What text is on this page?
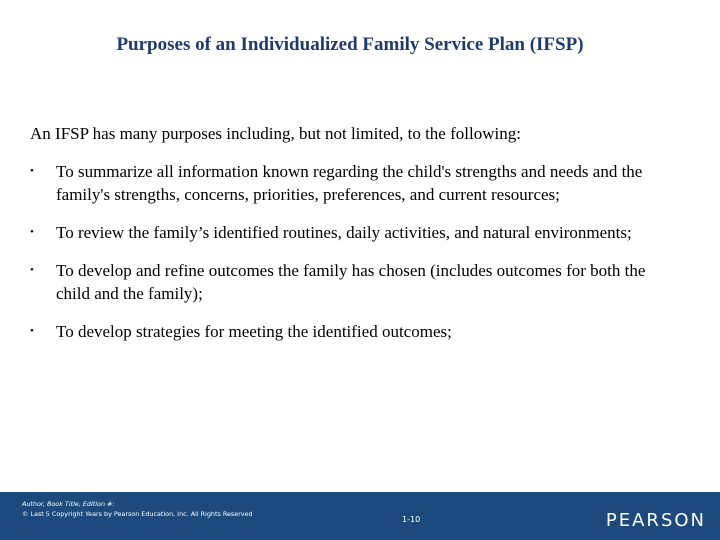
Purposes of an Individualized Family Service Plan (IFSP)
An IFSP has many purposes including, but not limited, to the following:
• To summarize all information known regarding the child's strengths and needs and the family's strengths, concerns, priorities, preferences, and current resources;
• To review the family’s identified routines, daily activities, and natural environments;
• To develop and refine outcomes the family has chosen (includes outcomes for both the child and the family);
• To develop strategies for meeting the identified outcomes;
Author, Book Title, Edition #:
© Last 5 Copyright Years by Pearson Education, Inc. All Rights Reserved
1-10	PEARSON
